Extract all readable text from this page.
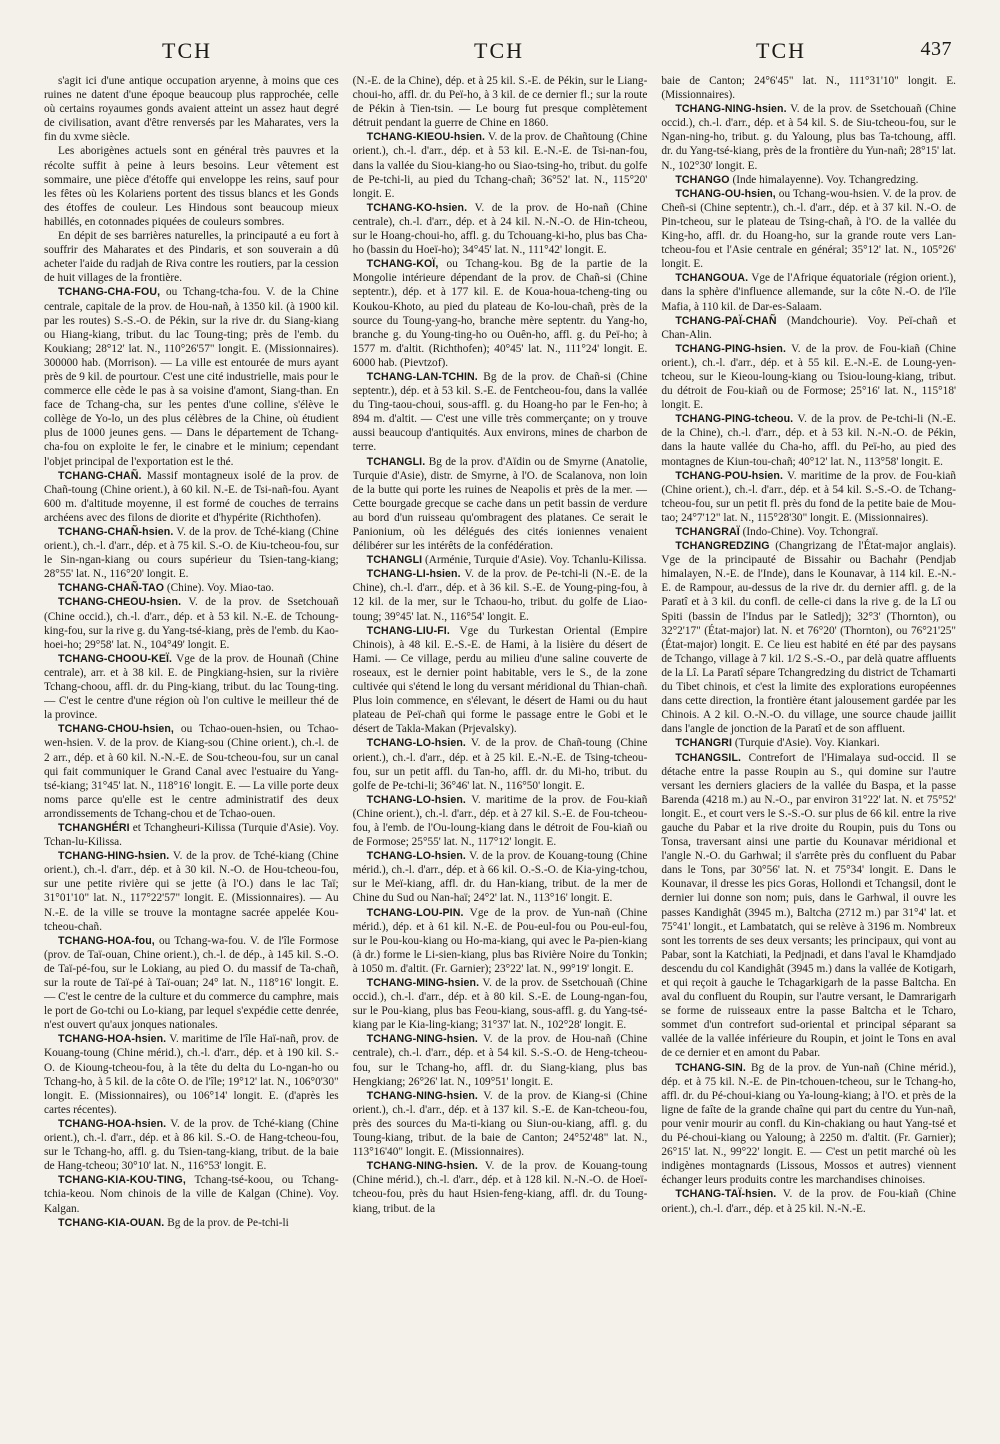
TCH	TCH	TCH	437

s'agit ici d'une antique occupation aryenne, à moins que ces ruines ne datent d'une époque beaucoup plus rapprochée, celle où certains royaumes gonds avaient atteint un assez haut degré de civilisation, avant d'être renversés par les Maharates, vers la fin du xvme siècle.

Les aborigènes actuels sont en général très pauvres et la récolte suffit à peine à leurs besoins. Leur vêtement est sommaire, une pièce d'étoffe qui enveloppe les reins, sauf pour les fêtes où les Kolariens portent des tissus blancs et les Gonds des étoffes de couleur. Les Hindous sont beaucoup mieux habillés, en cotonnades piquées de couleurs sombres.

En dépit de ses barrières naturelles, la principauté a eu fort à souffrir des Maharates et des Pindaris, et son souverain a dû acheter l'aide du radjah de Riva contre les routiers, par la cession de huit villages de la frontière.

TCHANG-CHA-FOU, ou Tchang-tcha-fou. V. de la Chine centrale, capitale de la prov. de Hou-nañ, à 1350 kil. (à 1900 kil. par les routes) S.-S.-O. de Pékin, sur la rive dr. du Siang-kiang ou Hiang-kiang, tribut. du lac Toung-ting; près de l'emb. du Koukiang; 28°12' lat. N., 110°26'57" longit. E. (Missionnaires). 300000 hab. (Morrison). — La ville est entourée de murs ayant près de 9 kil. de pourtour. C'est une cité industrielle, mais pour le commerce elle cède le pas à sa voisine d'amont, Siang-than. En face de Tchang-cha, sur les pentes d'une colline, s'élève le collège de Yo-lo, un des plus célèbres de la Chine, où étudient plus de 1000 jeunes gens. — Dans le département de Tchang-cha-fou on exploite le fer, le cinabre et le minium; cependant l'objet principal de l'exportation est le thé.

TCHANG-CHAÑ. Massif montagneux isolé de la prov. de Chañ-toung (Chine orient.), à 60 kil. N.-E. de Tsi-nañ-fou. Ayant 600 m. d'altitude moyenne, il est formé de couches de terrains archéens avec des filons de diorite et d'hypérite (Richthofen).

TCHANG-CHAÑ-hsien. V. de la prov. de Tché-kiang (Chine orient.), ch.-l. d'arr., dép. et à 75 kil. S.-O. de Kiu-tcheou-fou, sur le Sin-ngan-kiang ou cours supérieur du Tsien-tang-kiang; 28°55' lat. N., 116°20' longit. E.

TCHANG-CHAÑ-TAO (Chine). Voy. Miao-tao.

TCHANG-CHEOU-hsien. V. de la prov. de Ssetchouañ (Chine occid.), ch.-l. d'arr., dép. et à 53 kil. N.-E. de Tchoung-king-fou, sur la rive g. du Yang-tsé-kiang, près de l'emb. du Kao-hoei-ho; 29°58' lat. N., 104°49' longit. E.

TCHANG-CHOOU-KEÏ. Vge de la prov. de Hounañ (Chine centrale), arr. et à 38 kil. E. de Pingkiang-hsien, sur la rivière Tchang-choou, affl. dr. du Ping-kiang, tribut. du lac Toung-ting. — C'est le centre d'une région où l'on cultive le meilleur thé de la province.

TCHANG-CHOU-hsien, ou Tchao-ouen-hsien, ou Tchao-wen-hsien. V. de la prov. de Kiang-sou (Chine orient.), ch.-l. de 2 arr., dép. et à 60 kil. N.-N.-E. de Sou-tcheou-fou, sur un canal qui fait communiquer le Grand Canal avec l'estuaire du Yang-tsé-kiang; 31°45' lat. N., 118°16' longit. E. — La ville porte deux noms parce qu'elle est le centre administratif des deux arrondissements de Tchang-chou et de Tchao-ouen.

TCHANGHÉRI et Tchangheuri-Kilissa (Turquie d'Asie). Voy. Tchan-lu-Kilissa.

TCHANG-HING-hsien. V. de la prov. de Tché-kiang (Chine orient.), ch.-l. d'arr., dép. et à 30 kil. N.-O. de Hou-tcheou-fou, sur une petite rivière qui se jette (à l'O.) dans le lac Taï; 31°01'10" lat. N., 117°22'57" longit. E. (Missionnaires). — Au N.-E. de la ville se trouve la montagne sacrée appelée Kou-tcheou-chañ.

TCHANG-HOA-fou, ou Tchang-wa-fou. V. de l'île Formose (prov. de Taï-ouan, Chine orient.), ch.-l. de dép., à 145 kil. S.-O. de Taï-pé-fou, sur le Lokiang, au pied O. du massif de Ta-chañ, sur la route de Taï-pé à Taï-ouan; 24° lat. N., 118°16' longit. E. — C'est le centre de la culture et du commerce du camphre, mais le port de Go-tchi ou Lo-kiang, par lequel s'expédie cette denrée, n'est ouvert qu'aux jonques nationales.

TCHANG-HOA-hsien. V. maritime de l'île Haï-nañ, prov. de Kouang-toung (Chine mérid.), ch.-l. d'arr., dép. et à 190 kil. S.-O. de Kioung-tcheou-fou, à la tête du delta du Lo-ngan-ho ou Tchang-ho, à 5 kil. de la côte O. de l'île; 19°12' lat. N., 106°0'30" longit. E. (Missionnaires), ou 106°14' longit. E. (d'après les cartes récentes).

TCHANG-HOA-hsien. V. de la prov. de Tché-kiang (Chine orient.), ch.-l. d'arr., dép. et à 86 kil. S.-O. de Hang-tcheou-fou, sur le Tchang-ho, affl. g. du Tsien-tang-kiang, tribut. de la baie de Hang-tcheou; 30°10' lat. N., 116°53' longit. E.

TCHANG-KIA-KOU-TING, Tchang-tsé-koou, ou Tchang-tchia-keou. Nom chinois de la ville de Kalgan (Chine). Voy. Kalgan.

TCHANG-KIA-OUAN. Bg de la prov. de Pe-tchi-li

(N.-E. de la Chine), dép. et à 25 kil. S.-E. de Pékin, sur le Liang-choui-ho, affl. dr. du Peï-ho, à 3 kil. de ce dernier fl.; sur la route de Pékin à Tien-tsin. — Le bourg fut presque complètement détruit pendant la guerre de Chine en 1860.

TCHANG-KIEOU-hsien. V. de la prov. de Chañtoung (Chine orient.), ch.-l. d'arr., dép. et à 53 kil. E.-N.-E. de Tsi-nan-fou, dans la vallée du Siou-kiang-ho ou Siao-tsing-ho, tribut. du golfe de Pe-tchi-li, au pied du Tchang-chañ; 36°52' lat. N., 115°20' longit. E.

TCHANG-KO-hsien. V. de la prov. de Ho-nañ (Chine centrale), ch.-l. d'arr., dép. et à 24 kil. N.-N.-O. de Hin-tcheou, sur le Hoang-choui-ho, affl. g. du Tchouang-ki-ho, plus bas Cha-ho (bassin du Hoeï-ho); 34°45' lat. N., 111°42' longit. E.

TCHANG-KOÏ, ou Tchang-kou. Bg de la partie de la Mongolie intérieure dépendant de la prov. de Chañ-si (Chine septentr.), dép. et à 177 kil. E. de Koua-houa-tcheng-ting ou Koukou-Khoto, au pied du plateau de Ko-lou-chañ, près de la source du Toung-yang-ho, branche mère septentr. du Yang-ho, branche g. du Young-ting-ho ou Ouên-ho, affl. g. du Peï-ho; à 1577 m. d'altit. (Richthofen); 40°45' lat. N., 111°24' longit. E. 6000 hab. (Pievtzof).

TCHANG-LAN-TCHIN. Bg de la prov. de Chañ-si (Chine septentr.), dép. et à 53 kil. S.-E. de Fentcheou-fou, dans la vallée du Ting-taou-choui, sous-affl. g. du Hoang-ho par le Fen-ho; à 894 m. d'altit. — C'est une ville très commerçante; on y trouve aussi beaucoup d'antiquités. Aux environs, mines de charbon de terre.

TCHANGLI. Bg de la prov. d'Aïdin ou de Smyrne (Anatolie, Turquie d'Asie), distr. de Smyrne, à l'O. de Scalanova, non loin de la butte qui porte les ruines de Neapolis et près de la mer. — Cette bourgade grecque se cache dans un petit bassin de verdure au bord d'un ruisseau qu'ombragent des platanes. Ce serait le Panionium, où les délégués des cités ioniennes venaient délibérer sur les intérêts de la confédération.

TCHANGLI (Arménie, Turquie d'Asie). Voy. Tchanlu-Kilissa.

TCHANG-LI-hsien. V. de la prov. de Pe-tchi-li (N.-E. de la Chine), ch.-l. d'arr., dép. et à 36 kil. S.-E. de Young-ping-fou, à 12 kil. de la mer, sur le Tchaou-ho, tribut. du golfe de Liao-toung; 39°45' lat. N., 116°54' longit. E.

TCHANG-LIU-FI. Vge du Turkestan Oriental (Empire Chinois), à 48 kil. E.-S.-E. de Hami, à la lisière du désert de Hami. — Ce village, perdu au milieu d'une saline couverte de roseaux, est le dernier point habitable, vers le S., de la zone cultivée qui s'étend le long du versant méridional du Thian-chañ. Plus loin commence, en s'élevant, le désert de Hami ou du haut plateau de Peï-chañ qui forme le passage entre le Gobi et le désert de Takla-Makan (Prjevalsky).

TCHANG-LO-hsien. V. de la prov. de Chañ-toung (Chine orient.), ch.-l. d'arr., dép. et à 25 kil. E.-N.-E. de Tsing-tcheou-fou, sur un petit affl. du Tan-ho, affl. dr. du Mi-ho, tribut. du golfe de Pe-tchi-li; 36°46' lat. N., 116°50' longit. E.

TCHANG-LO-hsien. V. maritime de la prov. de Fou-kiañ (Chine orient.), ch.-l. d'arr., dép. et à 27 kil. S.-E. de Fou-tcheou-fou, à l'emb. de l'Ou-loung-kiang dans le détroit de Fou-kiañ ou de Formose; 25°55' lat. N., 117°12' longit. E.

TCHANG-LO-hsien. V. de la prov. de Kouang-toung (Chine mérid.), ch.-l. d'arr., dép. et à 66 kil. O.-S.-O. de Kia-ying-tchou, sur le Meï-kiang, affl. dr. du Han-kiang, tribut. de la mer de Chine du Sud ou Nan-haï; 24°2' lat. N., 113°16' longit. E.

TCHANG-LOU-PIN. Vge de la prov. de Yun-nañ (Chine mérid.), dép. et à 61 kil. N.-E. de Pou-eul-fou ou Pou-eul-fou, sur le Pou-kou-kiang ou Ho-ma-kiang, qui avec le Pa-pien-kiang (à dr.) forme le Li-sien-kiang, plus bas Rivière Noire du Tonkin; à 1050 m. d'altit. (Fr. Garnier); 23°22' lat. N., 99°19' longit. E.

TCHANG-MING-hsien. V. de la prov. de Ssetchouañ (Chine occid.), ch.-l. d'arr., dép. et à 80 kil. S.-E. de Loung-ngan-fou, sur le Pou-kiang, plus bas Feou-kiang, sous-affl. g. du Yang-tsé-kiang par le Kia-ling-kiang; 31°37' lat. N., 102°28' longit. E.

TCHANG-NING-hsien. V. de la prov. de Hou-nañ (Chine centrale), ch.-l. d'arr., dép. et à 54 kil. S.-S.-O. de Heng-tcheou-fou, sur le Tchang-ho, affl. dr. du Siang-kiang, plus bas Hengkiang; 26°26' lat. N., 109°51' longit. E.

TCHANG-NING-hsien. V. de la prov. de Kiang-si (Chine orient.), ch.-l. d'arr., dép. et à 137 kil. S.-E. de Kan-tcheou-fou, près des sources du Ma-ti-kiang ou Siun-ou-kiang, affl. g. du Toung-kiang, tribut. de la baie de Canton; 24°52'48" lat. N., 113°16'40" longit. E. (Missionnaires).

TCHANG-NING-hsien. V. de la prov. de Kouang-toung (Chine mérid.), ch.-l. d'arr., dép. et à 128 kil. N.-N.-O. de Hoeï-tcheou-fou, près du haut Hsien-feng-kiang, affl. dr. du Toung-kiang, tribut. de la

baie de Canton; 24°6'45" lat. N., 111°31'10" longit. E. (Missionnaires).

TCHANG-NING-hsien. V. de la prov. de Ssetchouañ (Chine occid.), ch.-l. d'arr., dép. et à 54 kil. S. de Siu-tcheou-fou, sur le Ngan-ning-ho, tribut. g. du Yaloung, plus bas Ta-tchoung, affl. dr. du Yang-tsé-kiang, près de la frontière du Yun-nañ; 28°15' lat. N., 102°30' longit. E.

TCHANGO (Inde himalayenne). Voy. Tchangredzing.

TCHANG-OU-hsien, ou Tchang-wou-hsien. V. de la prov. de Cheñ-si (Chine septentr.), ch.-l. d'arr., dép. et à 37 kil. N.-O. de Pin-tcheou, sur le plateau de Tsing-chañ, à l'O. de la vallée du King-ho, affl. dr. du Hoang-ho, sur la grande route vers Lan-tcheou-fou et l'Asie centrale en général; 35°12' lat. N., 105°26' longit. E.

TCHANGOUA. Vge de l'Afrique équatoriale (région orient.), dans la sphère d'influence allemande, sur la côte N.-O. de l'île Mafia, à 110 kil. de Dar-es-Salaam.

TCHANG-PAÏ-CHAÑ (Mandchourie). Voy. Peï-chañ et Chan-Alin.

TCHANG-PING-hsien. V. de la prov. de Fou-kiañ (Chine orient.), ch.-l. d'arr., dép. et à 55 kil. E.-N.-E. de Loung-yen-tcheou, sur le Kieou-loung-kiang ou Tsiou-loung-kiang, tribut. du détroit de Fou-kiañ ou de Formose; 25°16' lat. N., 115°18' longit. E.

TCHANG-PING-tcheou. V. de la prov. de Pe-tchi-li (N.-E. de la Chine), ch.-l. d'arr., dép. et à 53 kil. N.-N.-O. de Pékin, dans la haute vallée du Cha-ho, affl. du Peï-ho, au pied des montagnes de Kiun-tou-chañ; 40°12' lat. N., 113°58' longit. E.

TCHANG-POU-hsien. V. maritime de la prov. de Fou-kiañ (Chine orient.), ch.-l. d'arr., dép. et à 54 kil. S.-S.-O. de Tchang-tcheou-fou, sur un petit fl. près du fond de la petite baie de Mou-tao; 24°7'12" lat. N., 115°28'30" longit. E. (Missionnaires).

TCHANGRAÏ (Indo-Chine). Voy. Tchongraï.

TCHANGREDZING (Changrizang de l'État-major anglais). Vge de la principauté de Bissahir ou Bachahr (Pendjab himalayen, N.-E. de l'Inde), dans le Kounavar, à 114 kil. E.-N.-E. de Rampour, au-dessus de la rive dr. du dernier affl. g. de la Paratî et à 3 kil. du confl. de celle-ci dans la rive g. de la Lî ou Spiti (bassin de l'Indus par le Satledj); 32°3' (Thornton), ou 32°2'17" (État-major) lat. N. et 76°20' (Thornton), ou 76°21'25" (État-major) longit. E. Ce lieu est habité en été par des paysans de Tchango, village à 7 kil. 1/2 S.-S.-O., par delà quatre affluents de la Lî. La Paratî sépare Tchangredzing du district de Tchamarti du Tibet chinois, et c'est la limite des explorations européennes dans cette direction, la frontière étant jalousement gardée par les Chinois. A 2 kil. O.-N.-O. du village, une source chaude jaillit dans l'angle de jonction de la Paratî et de son affluent.

TCHANGRI (Turquie d'Asie). Voy. Kiankari.

TCHANGSIL. Contrefort de l'Himalaya sud-occid. Il se détache entre la passe Roupin au S., qui domine sur l'autre versant les derniers glaciers de la vallée du Baspa, et la passe Barenda (4218 m.) au N.-O., par environ 31°22' lat. N. et 75°52' longit. E., et court vers le S.-S.-O. sur plus de 66 kil. entre la rive gauche du Pabar et la rive droite du Roupin, puis du Tons ou Tonsa, traversant ainsi une partie du Kounavar méridional et l'angle N.-O. du Garhwal; il s'arrête près du confluent du Pabar dans le Tons, par 30°56' lat. N. et 75°34' longit. E. Dans le Kounavar, il dresse les pics Goras, Hollondi et Tchangsil, dont le dernier lui donne son nom; puis, dans le Garhwal, il ouvre les passes Kandighât (3945 m.), Baltcha (2712 m.) par 31°4' lat. et 75°41' longit., et Lambatatch, qui se relève à 3196 m. Nombreux sont les torrents de ses deux versants; les principaux, qui vont au Pabar, sont la Katchiati, la Pedjnadi, et dans l'aval le Khamdjado descendu du col Kandighât (3945 m.) dans la vallée de Kotigarh, et qui reçoit à gauche le Tchagarkigarh de la passe Baltcha. En aval du confluent du Roupin, sur l'autre versant, le Damrarigarh se forme de ruisseaux entre la passe Baltcha et le Tcharo, sommet d'un contrefort sud-oriental et principal séparant sa vallée de la vallée inférieure du Roupin, et joint le Tons en aval de ce dernier et en amont du Pabar.

TCHANG-SIN. Bg de la prov. de Yun-nañ (Chine mérid.), dép. et à 75 kil. N.-E. de Pin-tchouen-tcheou, sur le Tchang-ho, affl. dr. du Pé-choui-kiang ou Ya-loung-kiang; à l'O. et près de la ligne de faîte de la grande chaîne qui part du centre du Yun-nañ, pour venir mourir au confl. du Kin-chakiang ou haut Yang-tsé et du Pé-choui-kiang ou Yaloung; à 2250 m. d'altit. (Fr. Garnier); 26°15' lat. N., 99°22' longit. E. — C'est un petit marché où les indigènes montagnards (Lissous, Mossos et autres) viennent échanger leurs produits contre les marchandises chinoises.

TCHANG-TAÏ-hsien. V. de la prov. de Fou-kiañ (Chine orient.), ch.-l. d'arr., dép. et à 25 kil. N.-N.-E.
